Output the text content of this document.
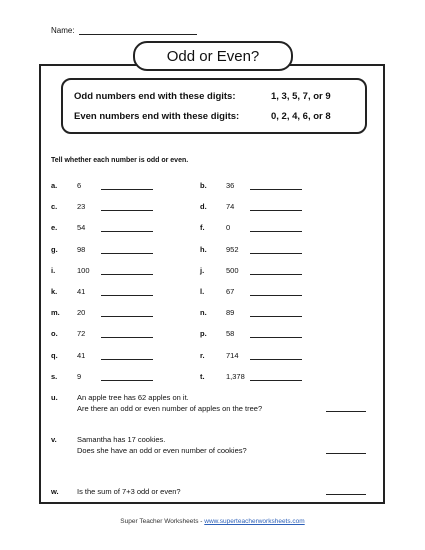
Name:
Odd or Even?
Odd numbers end with these digits:	1, 3, 5, 7, or 9
Even numbers end with these digits:	0, 2, 4, 6, or 8
Tell whether each number is odd or even.
a.	6	b.	36
c.	23	d.	74
e.	54	f.	0
g.	98	h.	952
i.	100	j.	500
k.	41	l.	67
m. 20	n.	89
o.	72	p.	58
q.	41	r.	714
s.	9	t.	1,378
u.	An apple tree has 62 apples on it.
Are there an odd or even number of apples on the tree?
v.	Samantha has 17 cookies.
Does she have an odd or even number of cookies?
w. Is the sum of 7+3 odd or even?
Super Teacher Worksheets - www.superteacherworksheets.com
